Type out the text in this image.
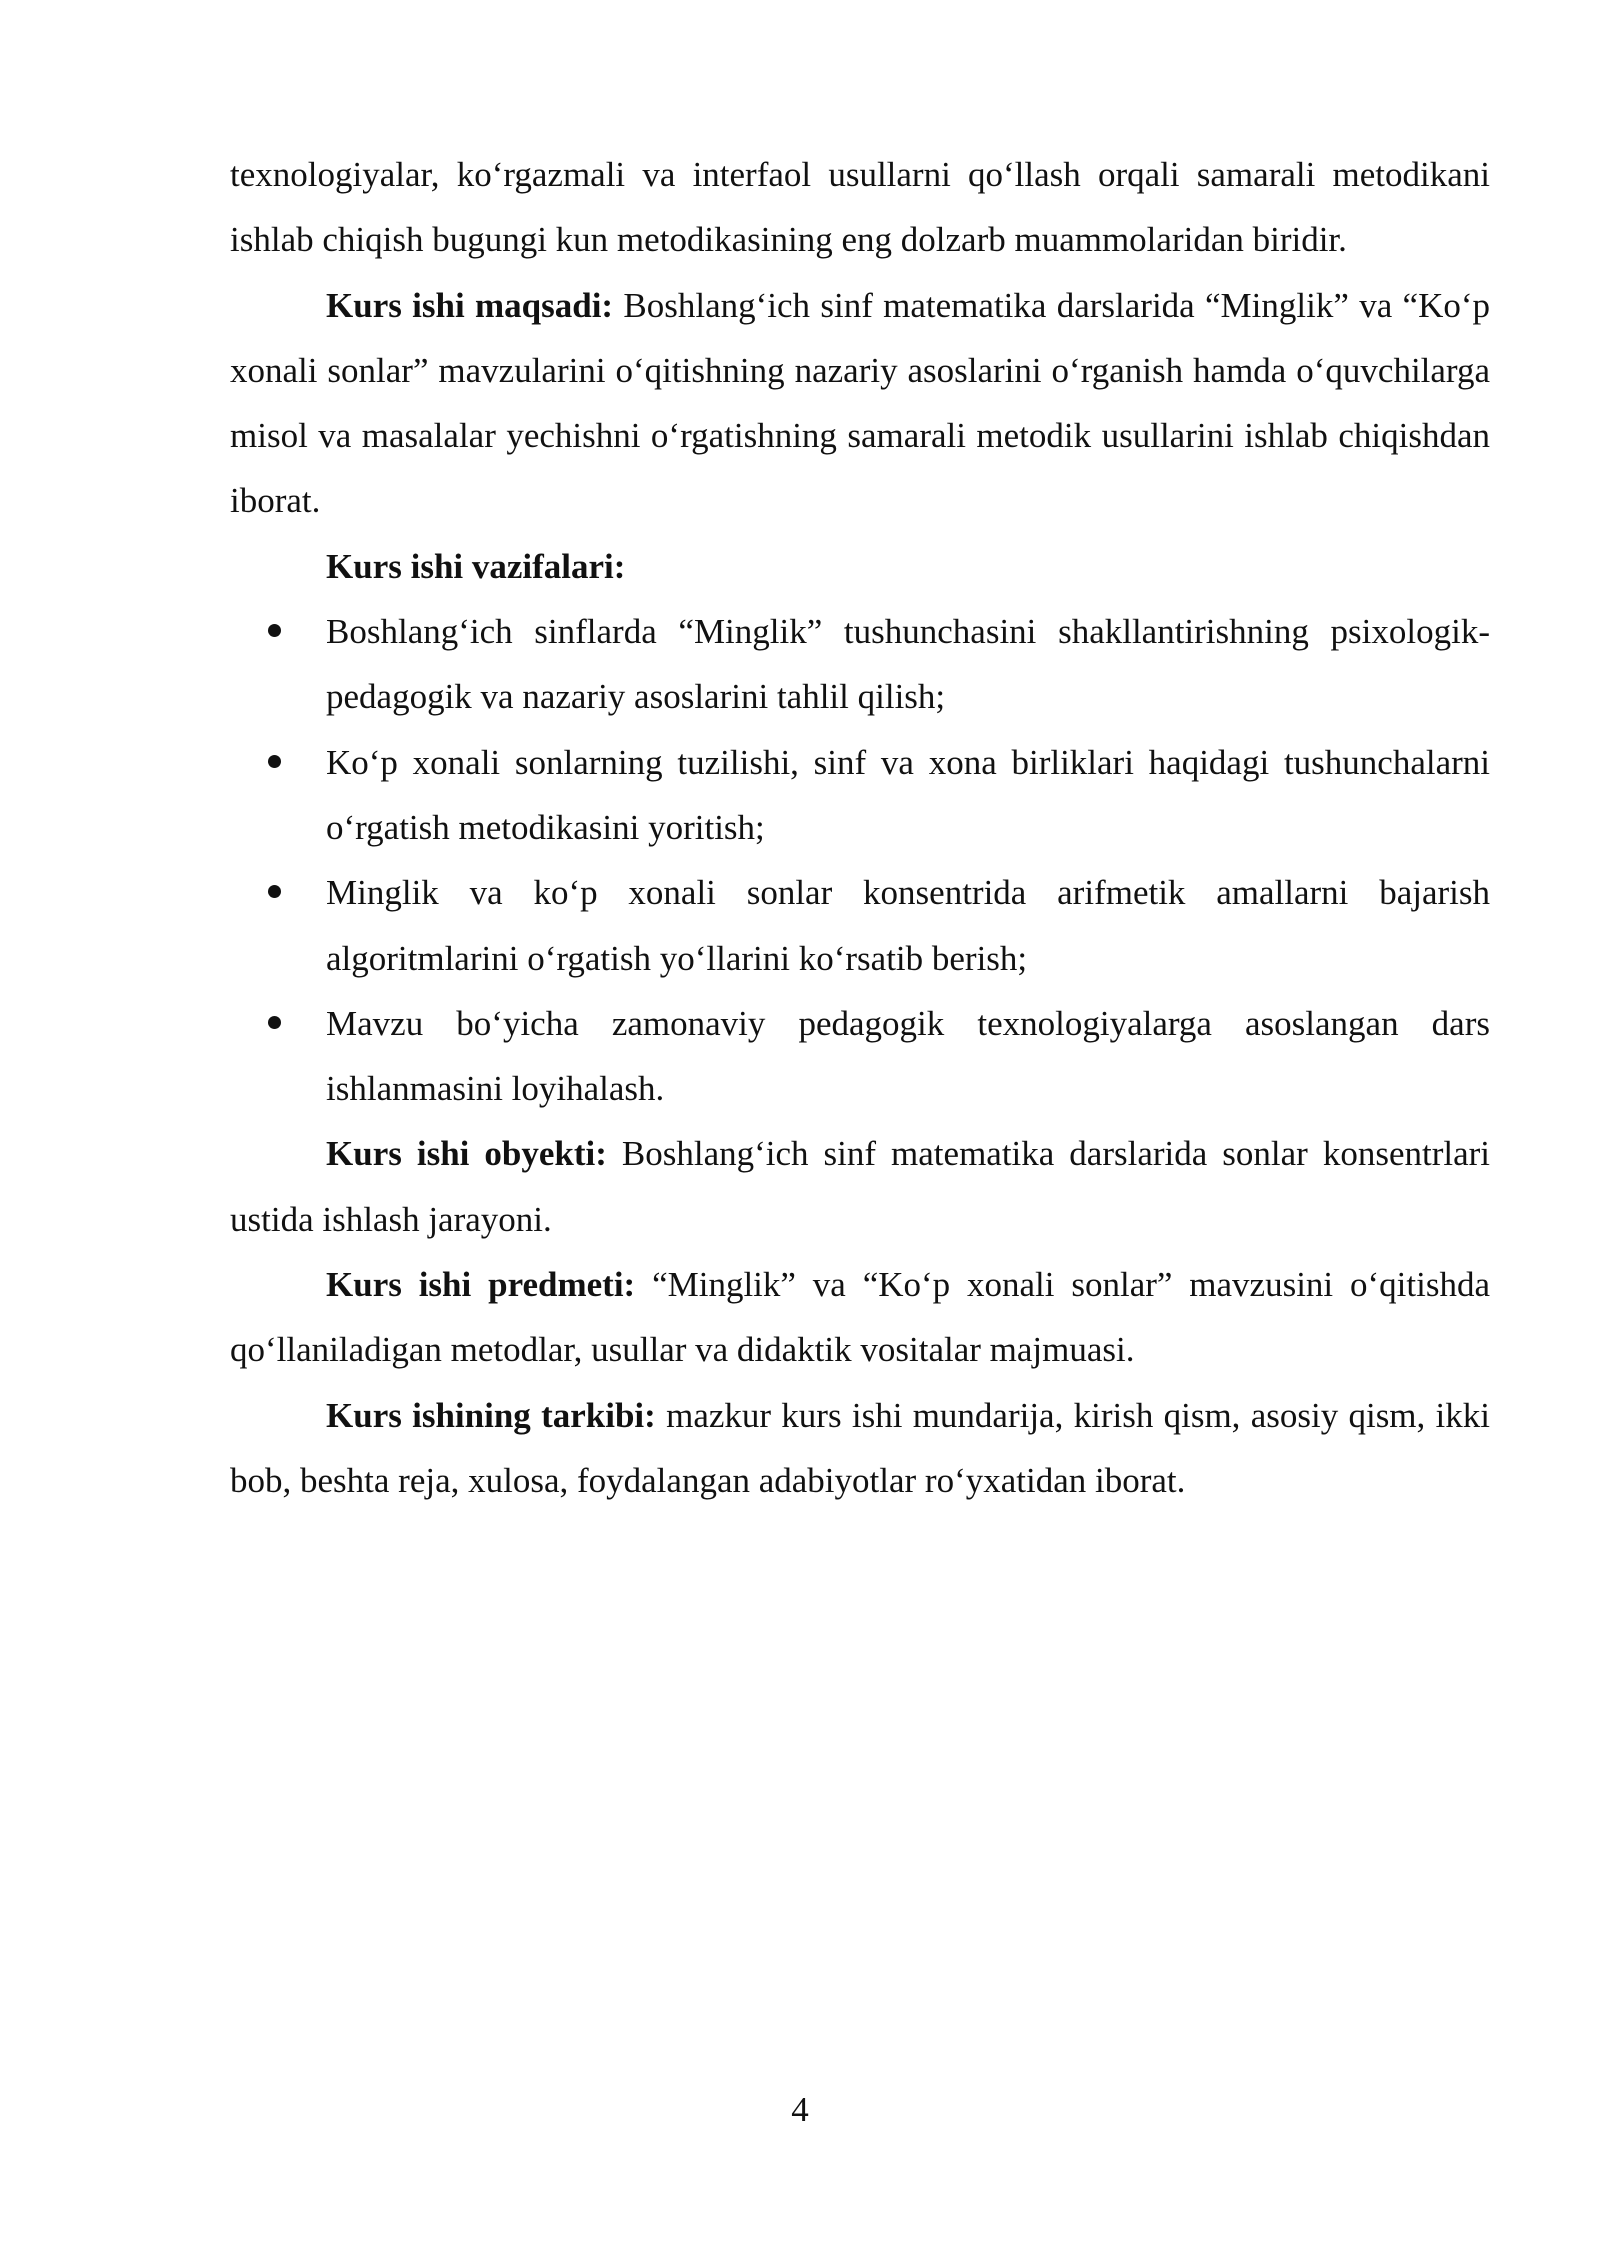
texnologiyalar, ko‘rgazmali va interfaol usullarni qo‘llash orqali samarali metodikani ishlab chiqish bugungi kun metodikasining eng dolzarb muammolaridan biridir.

Kurs ishi maqsadi: Boshlang‘ich sinf matematika darslarida “Minglik” va “Ko‘p xonali sonlar” mavzularini o‘qitishning nazariy asoslarini o‘rganish hamda o‘quvchilarga misol va masalalar yechishni o‘rgatishning samarali metodik usullarini ishlab chiqishdan iborat.

Kurs ishi vazifalari:

Boshlang‘ich sinflarda “Minglik” tushunchasini shakllantirishning psixologik-pedagogik va nazariy asoslarini tahlil qilish;
Ko‘p xonali sonlarning tuzilishi, sinf va xona birliklari haqidagi tushunchalarni o‘rgatish metodikasini yoritish;
Minglik va ko‘p xonali sonlar konsentrida arifmetik amallarni bajarish algoritmlarini o‘rgatish yo‘llarini ko‘rsatib berish;
Mavzu bo‘yicha zamonaviy pedagogik texnologiyalarga asoslangan dars ishlanmasini loyihalash.

Kurs ishi obyekti: Boshlang‘ich sinf matematika darslarida sonlar konsentrlari ustida ishlash jarayoni.

Kurs ishi predmeti: “Minglik” va “Ko‘p xonali sonlar” mavzusini o‘qitishda qo‘llaniladigan metodlar, usullar va didaktik vositalar majmuasi.

Kurs ishining tarkibi: mazkur kurs ishi mundarija, kirish qism, asosiy qism, ikki bob, beshta reja, xulosa, foydalangan adabiyotlar ro‘yxatidan iborat.

4
